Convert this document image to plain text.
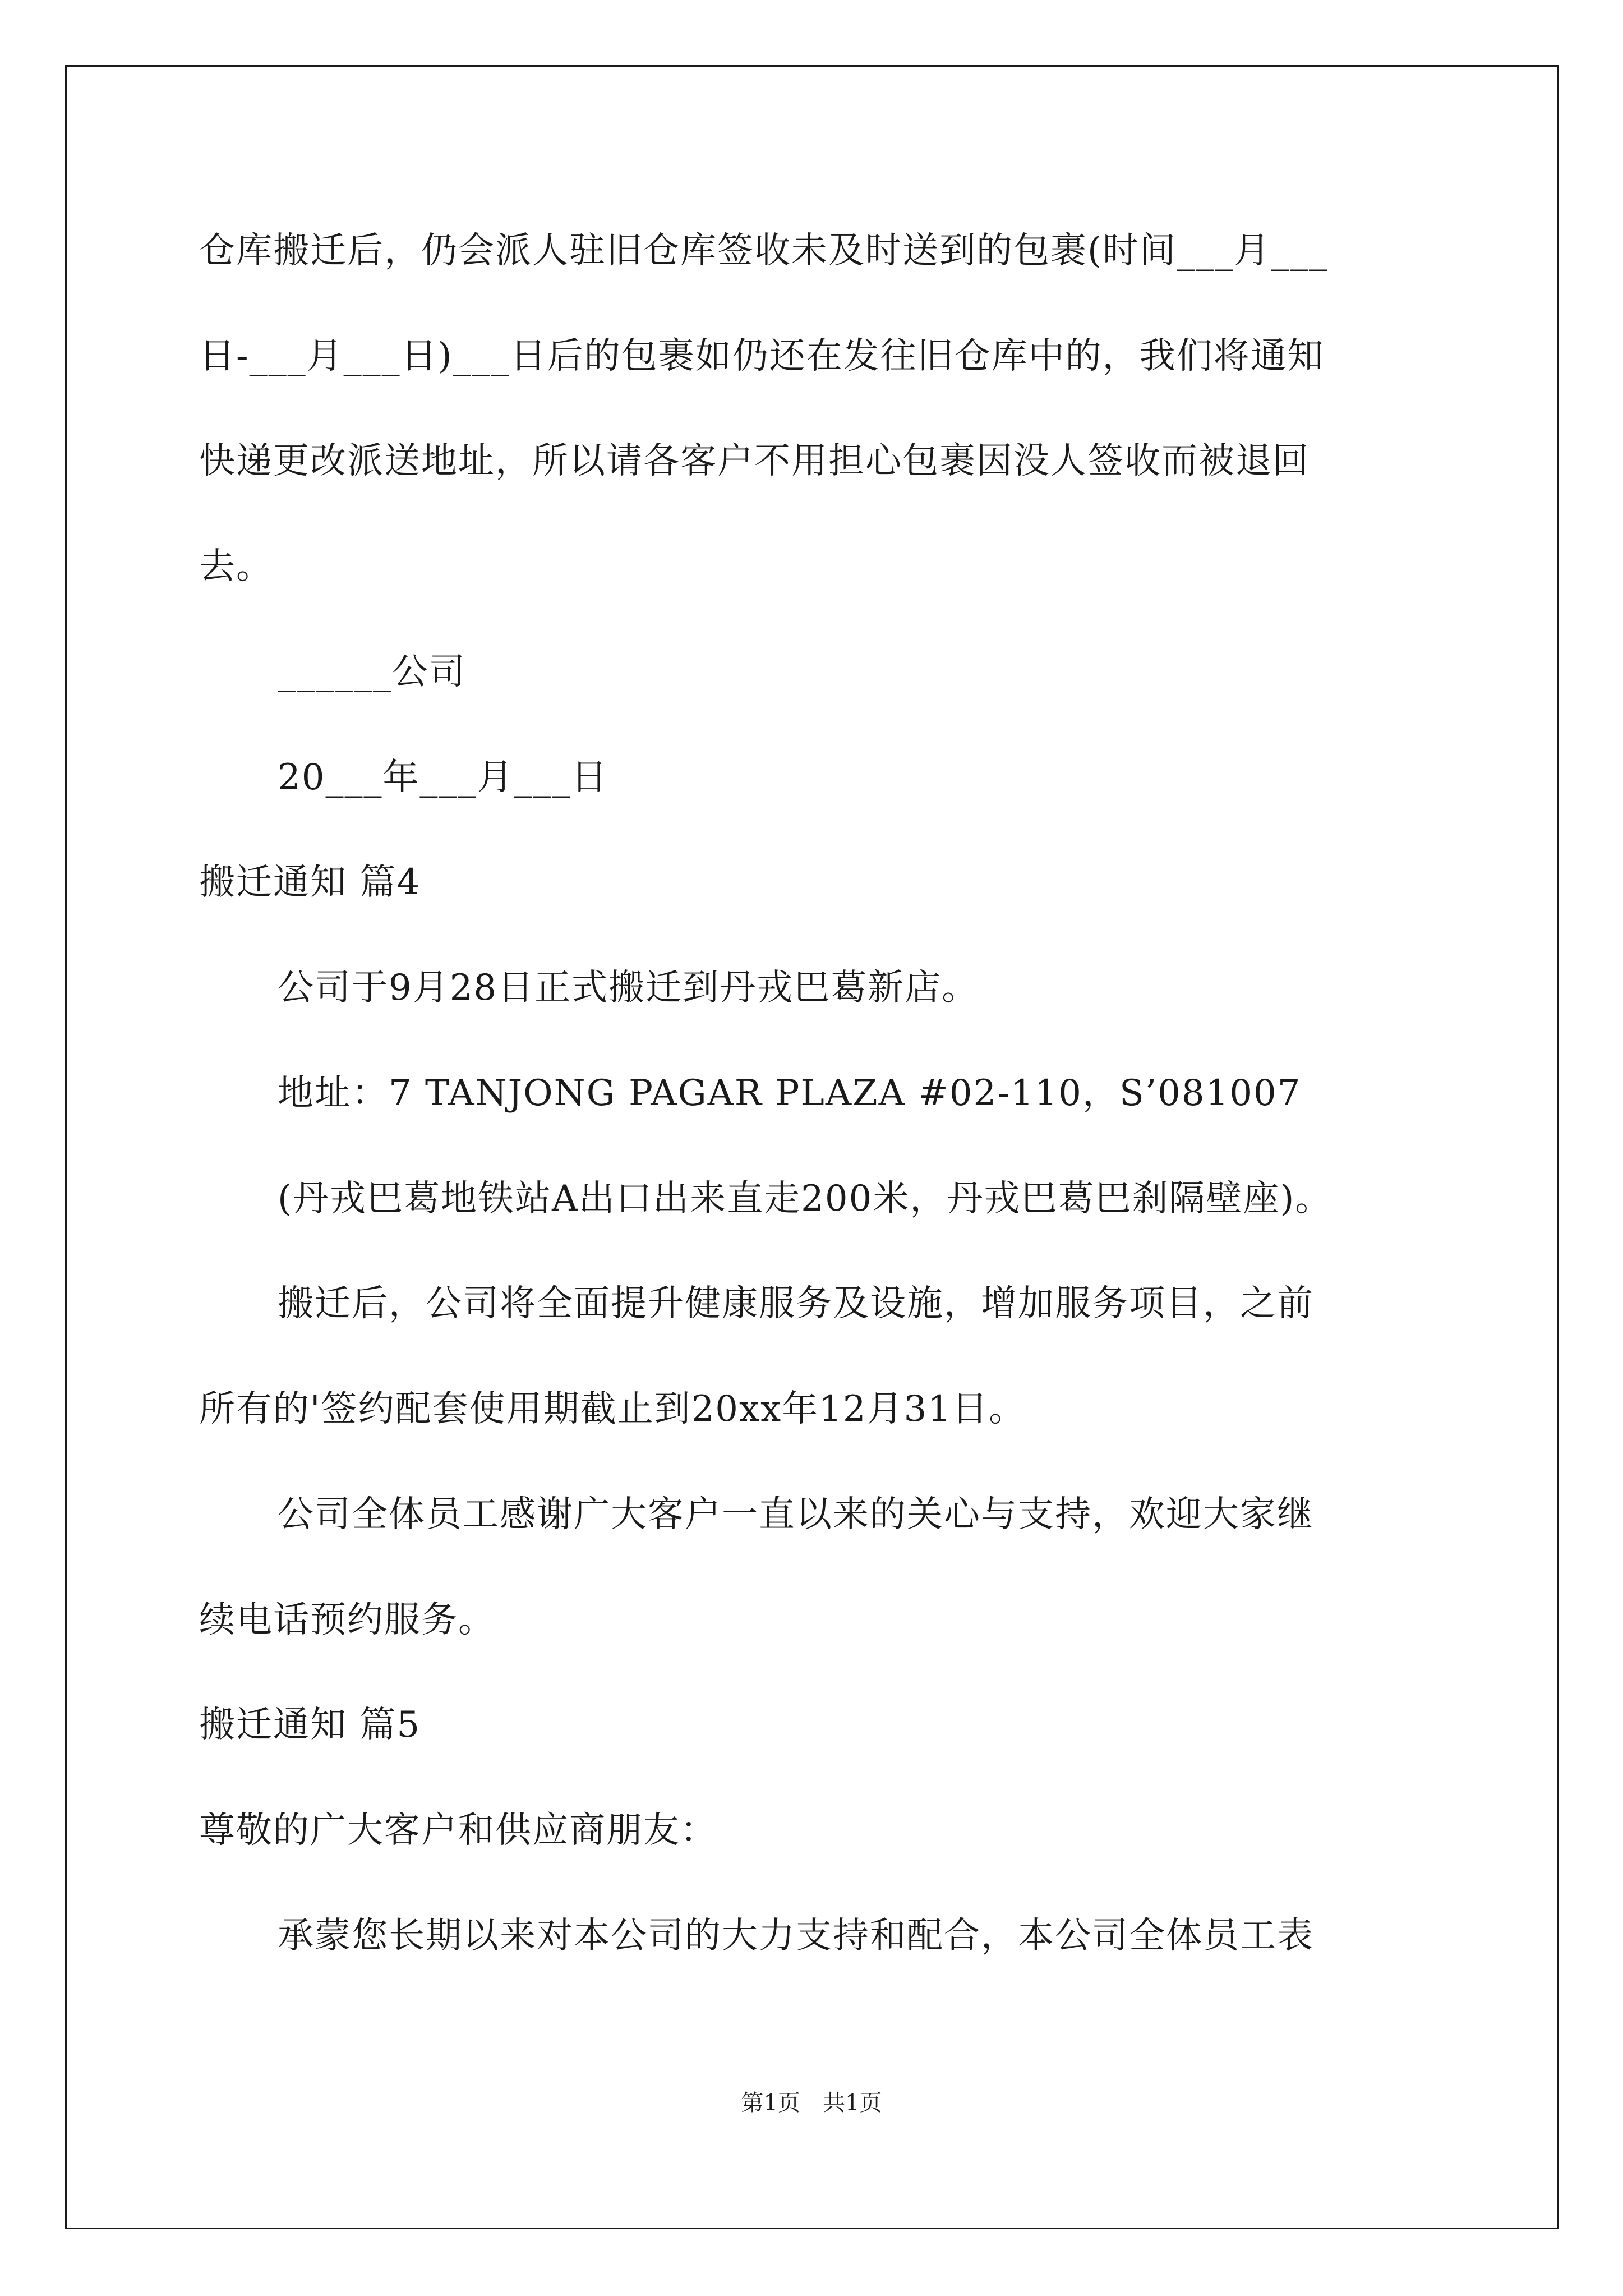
仓库搬迁后，仍会派人驻旧仓库签收未及时送到的包裹(时间___月___

日-___月___日)___日后的包裹如仍还在发往旧仓库中的，我们将通知

快递更改派送地址，所以请各客户不用担心包裹因没人签收而被退回

去。

______公司

20___年___月___日

搬迁通知 篇4

公司于9月28日正式搬迁到丹戎巴葛新店。

地址：7 TANJONG PAGAR PLAZA #02-110，S’081007

(丹戎巴葛地铁站A出口出来直走200米，丹戎巴葛巴刹隔壁座)。

搬迁后，公司将全面提升健康服务及设施，增加服务项目，之前

所有的'签约配套使用期截止到20xx年12月31日。

公司全体员工感谢广大客户一直以来的关心与支持，欢迎大家继

续电话预约服务。

搬迁通知 篇5

尊敬的广大客户和供应商朋友：

承蒙您长期以来对本公司的大力支持和配合，本公司全体员工表

第1页　共1页
